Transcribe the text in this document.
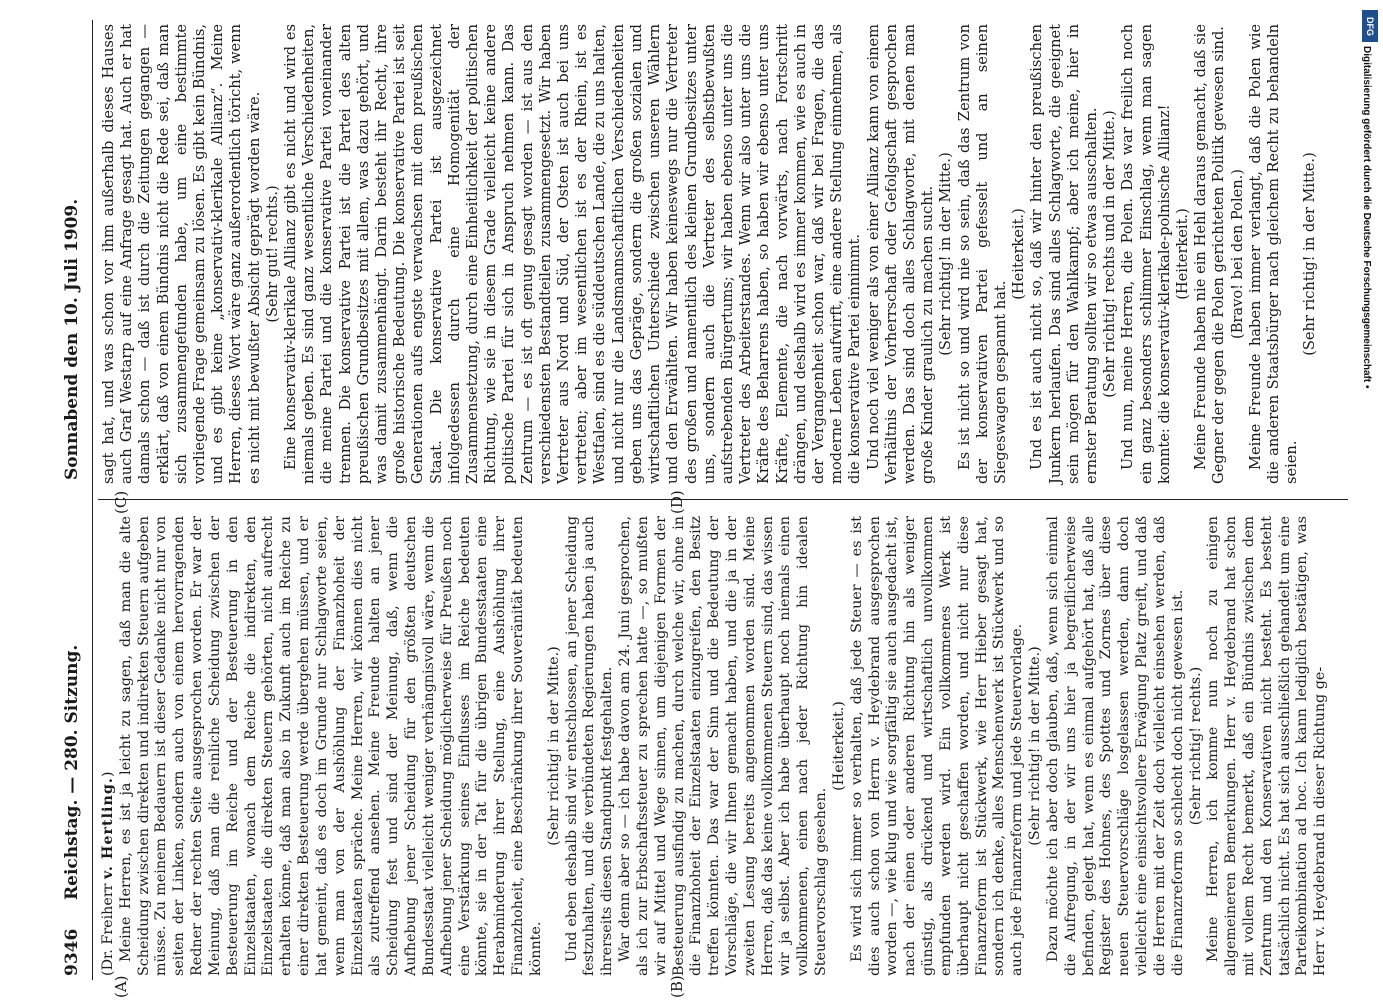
9346
Reichstag. — 280. Sitzung.
Sonnabend den 10. Juli 1909.
(A)	(B)
(C)	(D)

(Dr. Freiherr v. Hertling.) Meine Herren, es ist ja leicht zu sagen, daß man die alte Scheidung zwischen direkten und indirekten Steuern aufgeben müsse. Zu meinem Bedauern ist dieser Gedanke nicht nur von seiten der Linken, sondern auch von einem hervorragenden Redner der rechten Seite ausgesprochen worden. Er war der Meinung, daß man die reinliche Scheidung zwischen der Besteuerung im Reiche und der Besteuerung in den Einzelstaaten, wonach dem Reiche die indirekten, den Einzelstaaten die direkten Steuern gehörten, nicht aufrecht erhalten könne, daß man also in Zukunft auch im Reiche zu einer direkten Besteuerung werde übergehen müssen, und er hat gemeint, daß es doch im Grunde nur Schlagworte seien, wenn man von der Aushöhlung der Finanzhoheit der Einzelstaaten spräche. Meine Herren, wir können dies nicht als zutreffend ansehen. Meine Freunde halten an jener Scheidung fest und sind der Meinung, daß, wenn die Aufhebung jener Scheidung für den größten deutschen Bundesstaat vielleicht weniger verhängnisvoll wäre, wenn die Aufhebung jener Scheidung möglicherweise für Preußen noch eine Verstärkung seines Einflusses im Reiche bedeuten könnte, sie in der Tat für die übrigen Bundesstaaten eine Herabminderung ihrer Stellung, eine Aushöhlung ihrer Finanzhoheit, eine Beschränkung ihrer Souveränität bedeuten könnte.

(Sehr richtig! in der Mitte.) Und eben deshalb sind wir entschlossen, an jener Scheidung festzuhalten, und die verbündeten Regierungen haben ja auch ihrerseits diesen Standpunkt festgehalten. War denn aber so — ich habe davon am 24. Juni gesprochen, als ich zur Erbschaftssteuer zu sprechen hatte —, so mußten wir auf Mittel und Wege sinnen, um diejenigen Formen der Besteuerung ausfindig zu machen, durch welche wir, ohne in die Finanzhoheit der Einzelstaaten einzugreifen, den Besitz treffen könnten. Das war der Sinn und die Bedeutung der Vorschläge, die wir Ihnen gemacht haben, und die ja in der zweiten Lesung bereits angenommen worden sind. Meine Herren, daß das keine vollkommenen Steuern sind, das wissen wir ja selbst. Aber ich habe überhaupt noch niemals einen vollkommenen, einen nach jeder Richtung hin idealen Steuervorschlag gesehen.

(Heiterkeit.) Es wird sich immer so verhalten, daß jede Steuer — es ist dies auch schon von Herrn v. Heydebrand ausgesprochen worden —, wie klug und wie sorgfältig sie auch ausgedacht ist, nach der einen oder anderen Richtung hin als weniger günstig, als drückend und wirtschaftlich unvollkommen empfunden werden wird. Ein vollkommenes Werk ist überhaupt nicht geschaffen worden, und nicht nur diese Finanzreform ist Stückwerk, wie Herr Hieber gesagt hat, sondern ich denke, alles Menschenwerk ist Stückwerk und so auch jede Finanzreform und jede Steuervorlage. (Sehr richtig! in der Mitte.) Dazu möchte ich aber doch glauben, daß, wenn sich einmal die Aufregung, in der wir uns hier ja begreiflicherweise befinden, gelegt hat, wenn es einmal aufgehört hat, daß alle Register des Hohnes, des Spottes und Zornes über diese neuen Steuervorschläge losgelassen werden, dann doch vielleicht eine einsichtsvollere Erwägung Platz greift, und daß die Herren mit der Zeit doch vielleicht einsehen werden, daß die Finanzreform so schlecht doch nicht gewesen ist. (Sehr richtig! rechts.) Meine Herren, ich komme nun noch zu einigen allgemeineren Bemerkungen. Herr v. Heydebrand hat schon mit vollem Recht bemerkt, daß ein Bündnis zwischen dem Zentrum und den Konservativen nicht besteht. Es besteht tatsächlich nicht. Es hat sich ausschließlich gehandelt um eine Parteikombination ad hoc. Ich kann lediglich bestätigen, was Herr v. Heydebrand in dieser Richtung ge-

sagt hat, und was schon vor ihm außerhalb dieses Hauses auch Graf Westarp auf eine Anfrage gesagt hat. Auch er hat damals schon — daß ist durch die Zeitungen gegangen — erklärt, daß von einem Bündnis nicht die Rede sei, daß man sich zusammengefunden habe, um eine bestimmte vorliegende Frage gemeinsam zu lösen. Es gibt kein Bündnis, und es gibt keine „konservativ-klerikale Allianz“. Meine Herren, dieses Wort wäre ganz außerordentlich töricht, wenn es nicht mit bewußter Absicht geprägt worden wäre. (Sehr gut! rechts.) Eine konservativ-klerikale Allianz gibt es nicht und wird es niemals geben. Es sind ganz wesentliche Verschiedenheiten, die meine Partei und die konservative Partei voneinander trennen. Die konservative Partei ist die Partei des alten preußischen Grundbesitzes mit allem, was dazu gehört, und was damit zusammenhängt. Darin besteht ihr Recht, ihre große historische Bedeutung. Die konservative Partei ist seit Generationen aufs engste verwachsen mit dem preußischen Staat. Die konservative Partei ist ausgezeichnet infolgedessen durch eine Homogenität der Zusammensetzung, durch eine Einheitlichkeit der politischen Richtung, wie sie in diesem Grade vielleicht keine andere politische Partei für sich in Anspruch nehmen kann. Das Zentrum — es ist oft genug gesagt worden — ist aus den verschiedensten Bestandteilen zusammengesetzt. Wir haben Vertreter aus Nord und Süd, der Osten ist auch bei uns vertreten; aber im wesentlichen ist es der Rhein, ist es Westfalen, sind es die süddeutschen Lande, die zu uns halten, und nicht nur die Landsmannschaftlichen Verschiedenheiten geben uns das Gepräge, sondern die großen sozialen und wirtschaftlichen Unterschiede zwischen unseren Wählern und den Erwählten. Wir haben keineswegs nur die Vertreter des großen und namentlich des kleinen Grundbesitzes unter uns, sondern auch die Vertreter des selbstbewußten aufstrebenden Bürgertums; wir haben ebenso unter uns die Vertreter des Arbeiterstandes. Wenn wir also unter uns die Kräfte des Beharrens haben, so haben wir ebenso unter uns Kräfte, Elemente, die nach vorwärts, nach Fortschritt drängen, und deshalb wird es immer kommen, wie es auch in der Vergangenheit schon war, daß wir bei Fragen, die das moderne Leben aufwirft, eine andere Stellung einnehmen, als die konservative Partei einnimmt. Und noch viel weniger als von einer Allianz kann von einem Verhältnis der Vorherrschaft oder Gefolgschaft gesprochen werden. Das sind doch alles Schlagworte, mit denen man große Kinder graulich zu machen sucht. (Sehr richtig! in der Mitte.) Es ist nicht so und wird nie so sein, daß das Zentrum von der konservativen Partei gefesselt und an seinen Siegeswagen gespannt hat.

(Heiterkeit.) Und es ist auch nicht so, daß wir hinter den preußischen Junkern herlaufen. Das sind alles Schlagworte, die geeignet sein mögen für den Wahlkampf; aber ich meine, hier in ernster Beratung sollten wir so etwas ausschalten. (Sehr richtig! rechts und in der Mitte.) Und nun, meine Herren, die Polen. Das war freilich noch ein ganz besonders schlimmer Einschlag, wenn man sagen konnte: die konservativ-klerikale-polnische Allianz! (Heiterkeit.) Meine Freunde haben nie ein Hehl daraus gemacht, daß sie Gegner der gegen die Polen gerichteten Politik gewesen sind. (Bravo! bei den Polen.) Meine Freunde haben immer verlangt, daß die Polen wie die anderen Staatsbürger nach gleichem Recht zu behandeln seien.

(Sehr richtig! in der Mitte.)

DFG
Digitalisierung gefördert durch die Deutsche Forschungsgemeinschaft •
